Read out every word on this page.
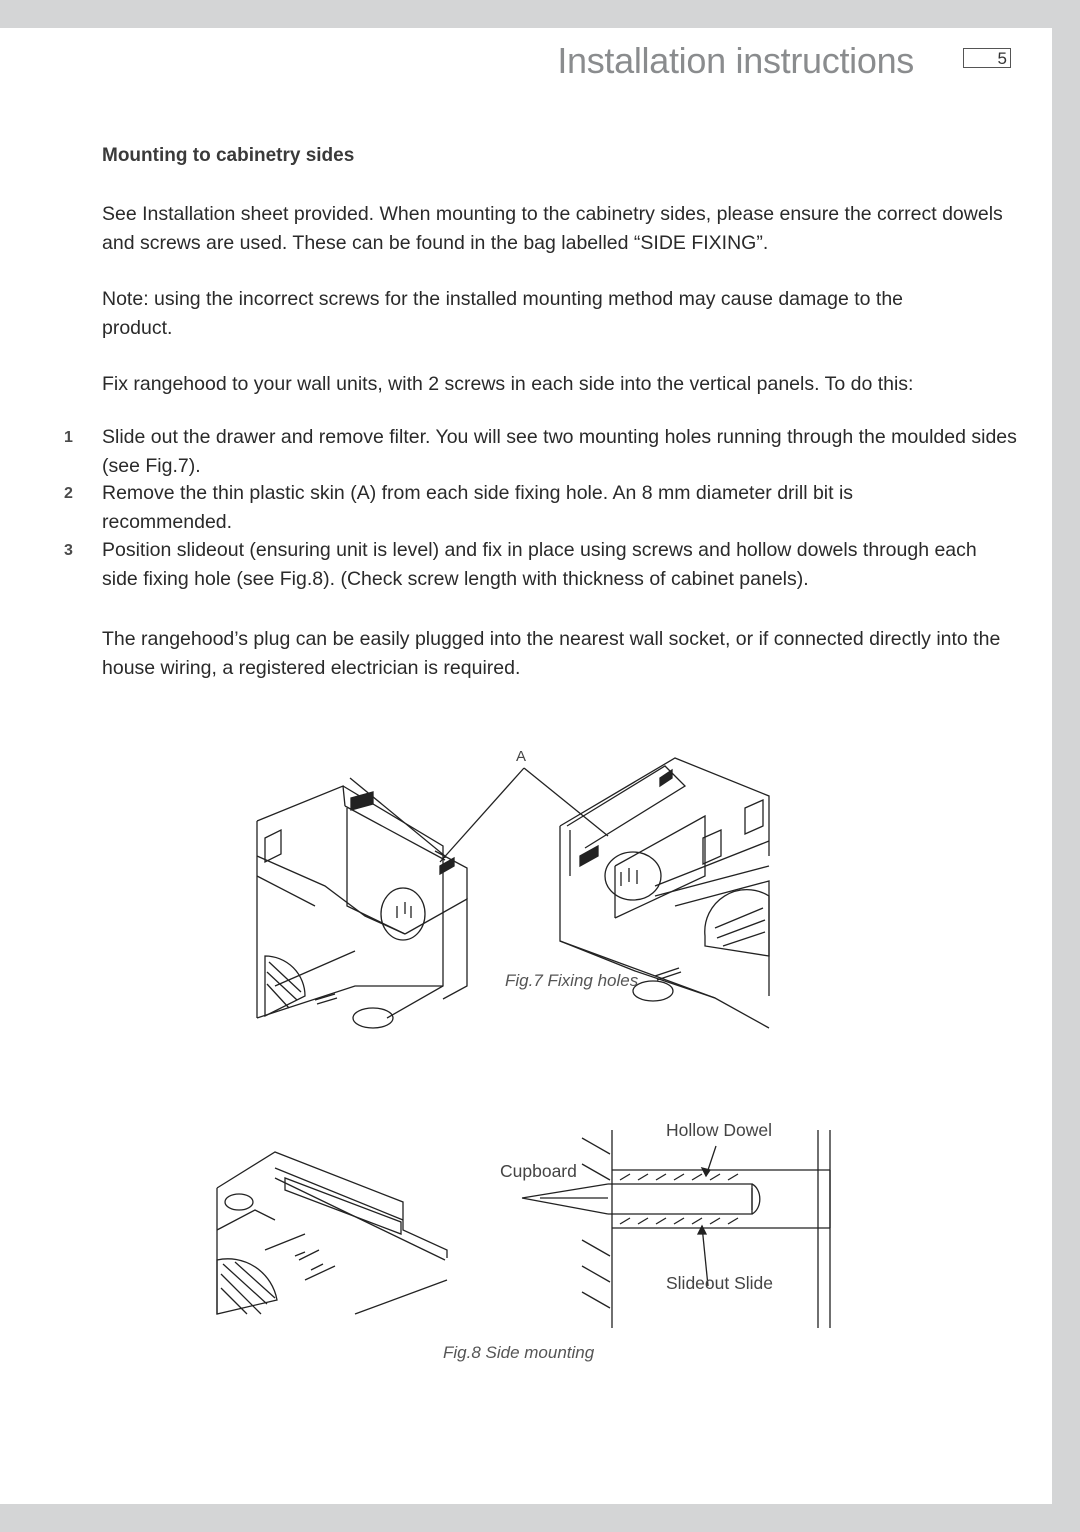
Installation instructions	5
Mounting to cabinetry sides
See Installation sheet provided. When mounting to the cabinetry sides, please ensure the correct dowels and screws are used. These can be found in the bag labelled “SIDE FIXING”.
Note: using the incorrect screws for the installed mounting method may cause damage to the product.
Fix rangehood to your wall units, with 2 screws in each side into the vertical panels. To do this:
1 Slide out the drawer and remove filter. You will see two mounting holes running through the moulded sides (see Fig.7).
2 Remove the thin plastic skin (A) from each side fixing hole. An 8 mm diameter drill bit is recommended.
3 Position slideout (ensuring unit is level) and fix in place using screws and hollow dowels through each side fixing hole (see Fig.8). (Check screw length with thickness of cabinet panels).
The rangehood’s plug can be easily plugged into the nearest wall socket, or if connected directly into the house wiring, a registered electrician is required.
A
Fig.7 Fixing holes
Hollow Dowel
Cupboard
Slideout Slide
Fig.8 Side mounting
